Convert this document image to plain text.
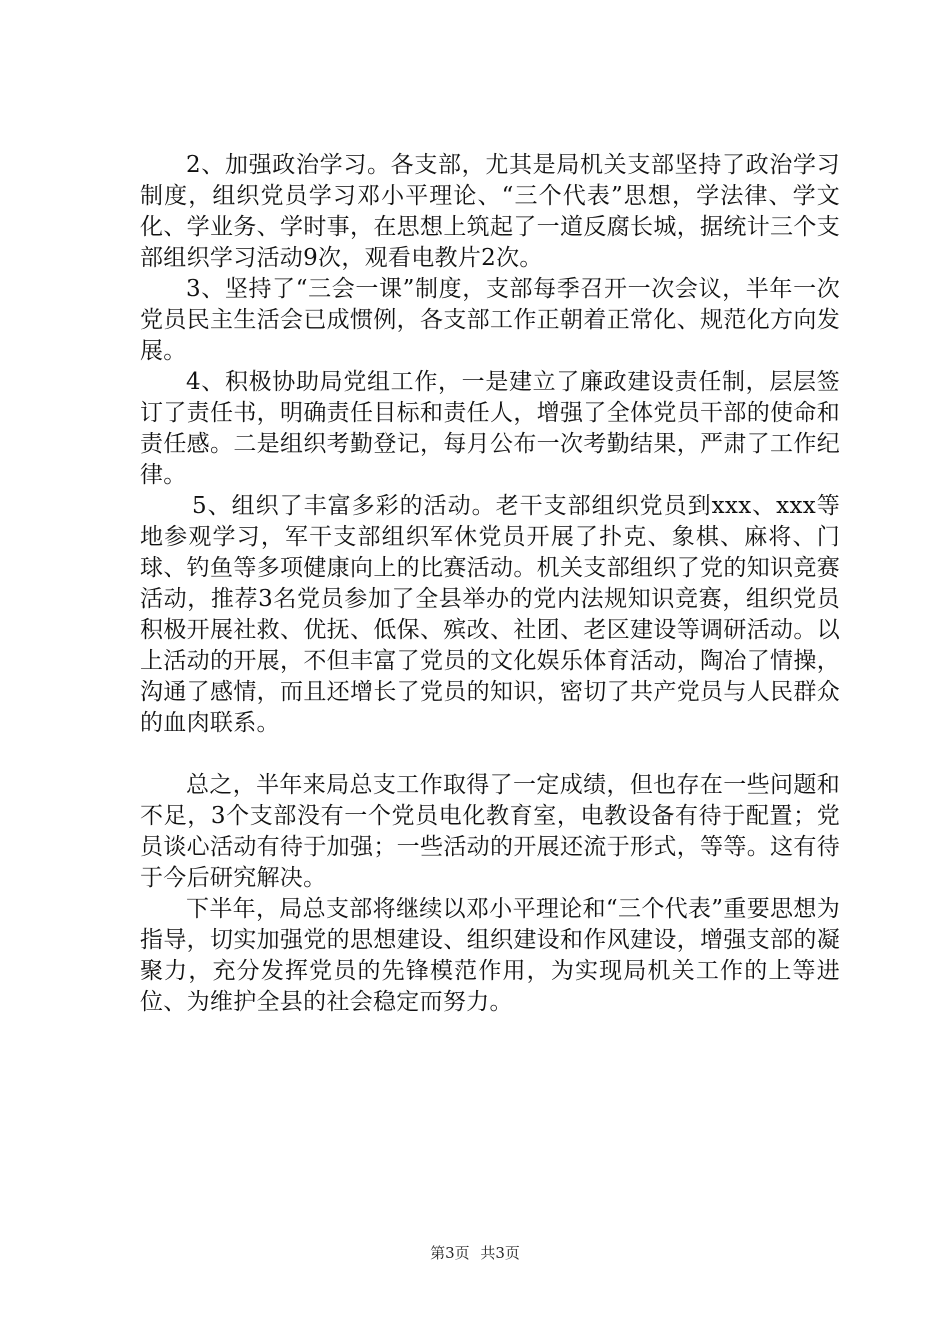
2、加强政治学习。各支部，尤其是局机关支部坚持了政治学习制度，组织党员学习邓小平理论、“三个代表”思想，学法律、学文化、学业务、学时事，在思想上筑起了一道反腐长城，据统计三个支部组织学习活动9次，观看电教片2次。

3、坚持了“三会一课”制度，支部每季召开一次会议，半年一次党员民主生活会已成惯例，各支部工作正朝着正常化、规范化方向发展。

4、积极协助局党组工作，一是建立了廉政建设责任制，层层签订了责任书，明确责任目标和责任人，增强了全体党员干部的使命和责任感。二是组织考勤登记，每月公布一次考勤结果，严肃了工作纪律。

5、组织了丰富多彩的活动。老干支部组织党员到xxx、xxx等地参观学习，军干支部组织军休党员开展了扑克、象棋、麻将、门球、钓鱼等多项健康向上的比赛活动。机关支部组织了党的知识竞赛活动，推荐3名党员参加了全县举办的党内法规知识竞赛，组织党员积极开展社救、优抚、低保、殡改、社团、老区建设等调研活动。以上活动的开展，不但丰富了党员的文化娱乐体育活动，陶冶了情操，沟通了感情，而且还增长了党员的知识，密切了共产党员与人民群众的血肉联系。

总之，半年来局总支工作取得了一定成绩，但也存在一些问题和不足，3个支部没有一个党员电化教育室，电教设备有待于配置；党员谈心活动有待于加强；一些活动的开展还流于形式，等等。这有待于今后研究解决。

下半年，局总支部将继续以邓小平理论和“三个代表”重要思想为指导，切实加强党的思想建设、组织建设和作风建设，增强支部的凝聚力，充分发挥党员的先锋模范作用，为实现局机关工作的上等进位、为维护全县的社会稳定而努力。

第3页 共3页
